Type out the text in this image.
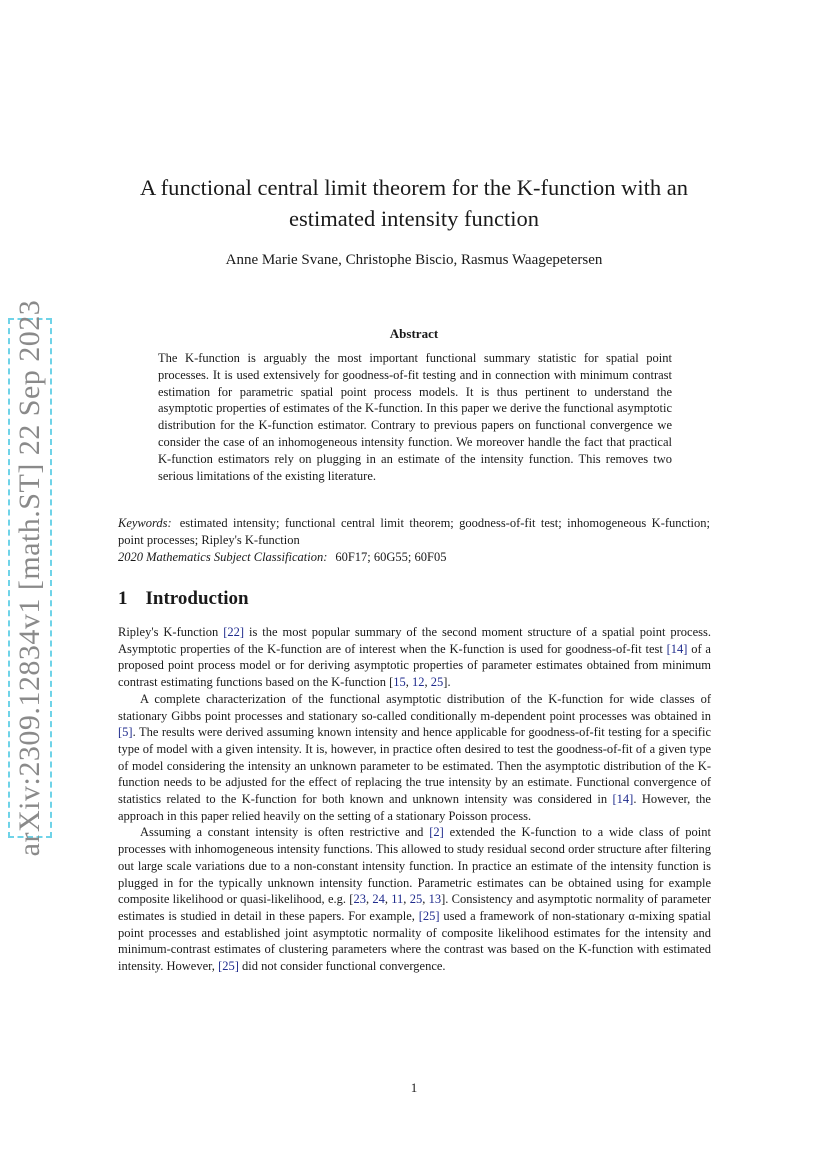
arXiv:2309.12834v1 [math.ST] 22 Sep 2023
A functional central limit theorem for the K-function with an estimated intensity function

Anne Marie Svane, Christophe Biscio, Rasmus Waagepetersen

Abstract

The K-function is arguably the most important functional summary statistic for spatial point processes. It is used extensively for goodness-of-fit testing and in connection with minimum contrast estimation for parametric spatial point process models. It is thus pertinent to understand the asymptotic properties of estimates of the K-function. In this paper we derive the functional asymptotic distribution for the K-function estimator. Contrary to previous papers on functional convergence we consider the case of an inhomogeneous intensity function. We moreover handle the fact that practical K-function estimators rely on plugging in an estimate of the intensity function. This removes two serious limitations of the existing literature.

Keywords: estimated intensity; functional central limit theorem; goodness-of-fit test; inhomogeneous K-function; point processes; Ripley's K-function

2020 Mathematics Subject Classification: 60F17; 60G55; 60F05

1 Introduction

Ripley's K-function [22] is the most popular summary of the second moment structure of a spatial point process. Asymptotic properties of the K-function are of interest when the K-function is used for goodness-of-fit test [14] of a proposed point process model or for deriving asymptotic properties of parameter estimates obtained from minimum contrast estimating functions based on the K-function [15, 12, 25].

A complete characterization of the functional asymptotic distribution of the K-function for wide classes of stationary Gibbs point processes and stationary so-called conditionally m-dependent point processes was obtained in [5]. The results were derived assuming known intensity and hence applicable for goodness-of-fit testing for a specific type of model with a given intensity. It is, however, in practice often desired to test the goodness-of-fit of a given type of model considering the intensity an unknown parameter to be estimated. Then the asymptotic distribution of the K-function needs to be adjusted for the effect of replacing the true intensity by an estimate. Functional convergence of statistics related to the K-function for both known and unknown intensity was considered in [14]. However, the approach in this paper relied heavily on the setting of a stationary Poisson process.

Assuming a constant intensity is often restrictive and [2] extended the K-function to a wide class of point processes with inhomogeneous intensity functions. This allowed to study residual second order structure after filtering out large scale variations due to a non-constant intensity function. In practice an estimate of the intensity function is plugged in for the typically unknown intensity function. Parametric estimates can be obtained using for example composite likelihood or quasi-likelihood, e.g. [23, 24, 11, 25, 13]. Consistency and asymptotic normality of parameter estimates is studied in detail in these papers. For example, [25] used a framework of non-stationary α-mixing spatial point processes and established joint asymptotic normality of composite likelihood estimates for the intensity and minimum-contrast estimates of clustering parameters where the contrast was based on the K-function with estimated intensity. However, [25] did not consider functional convergence.

1
